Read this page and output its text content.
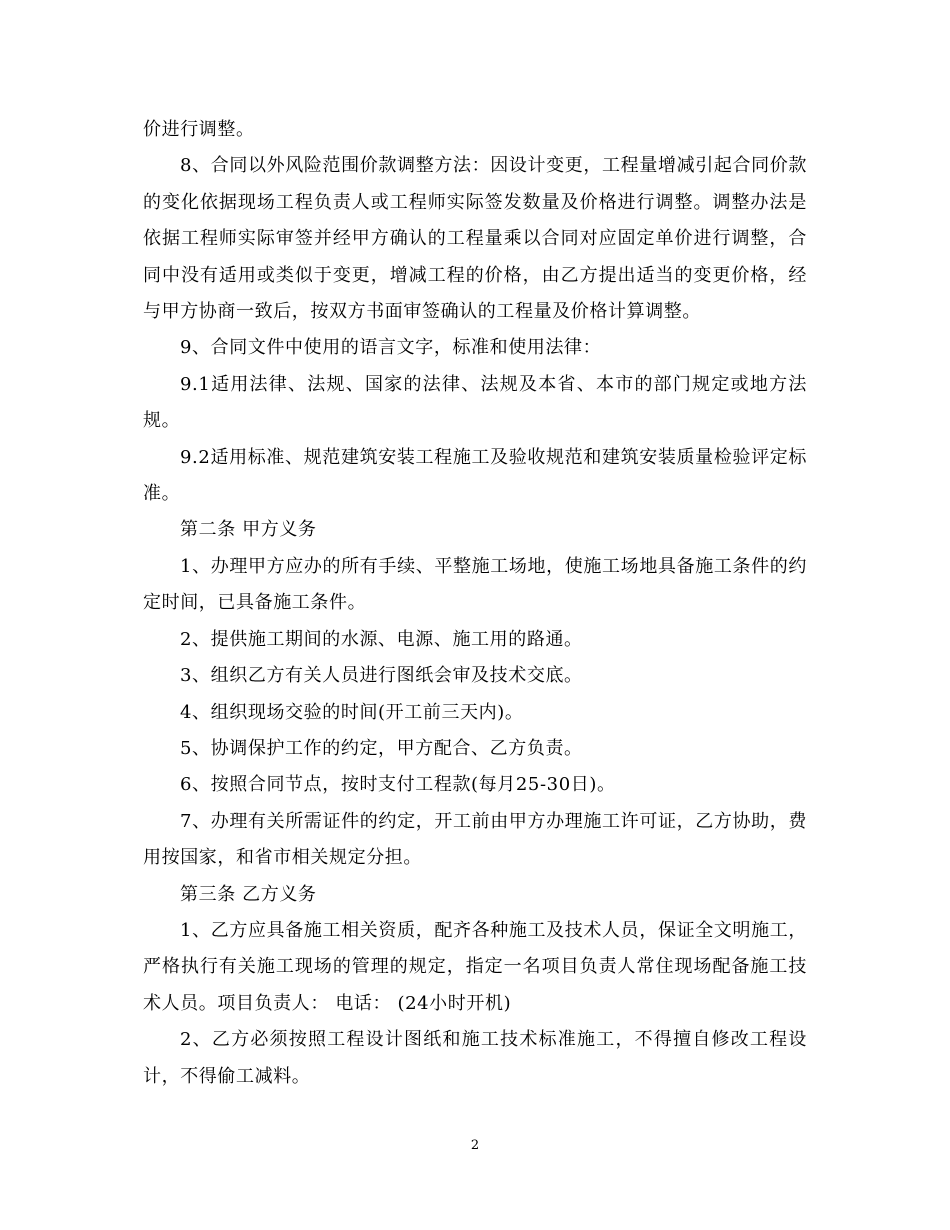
价进行调整。

8、合同以外风险范围价款调整方法：因设计变更，工程量增减引起合同价款的变化依据现场工程负责人或工程师实际签发数量及价格进行调整。调整办法是依据工程师实际审签并经甲方确认的工程量乘以合同对应固定单价进行调整，合同中没有适用或类似于变更，增减工程的价格，由乙方提出适当的变更价格，经与甲方协商一致后，按双方书面审签确认的工程量及价格计算调整。

9、合同文件中使用的语言文字，标准和使用法律：

9.1适用法律、法规、国家的法律、法规及本省、本市的部门规定或地方法规。

9.2适用标准、规范建筑安装工程施工及验收规范和建筑安装质量检验评定标准。

第二条 甲方义务

1、办理甲方应办的所有手续、平整施工场地，使施工场地具备施工条件的约定时间，已具备施工条件。

2、提供施工期间的水源、电源、施工用的路通。

3、组织乙方有关人员进行图纸会审及技术交底。

4、组织现场交验的时间(开工前三天内)。

5、协调保护工作的约定，甲方配合、乙方负责。

6、按照合同节点，按时支付工程款(每月25-30日)。

7、办理有关所需证件的约定，开工前由甲方办理施工许可证，乙方协助，费用按国家，和省市相关规定分担。

第三条 乙方义务

1、乙方应具备施工相关资质，配齐各种施工及技术人员，保证全文明施工，严格执行有关施工现场的管理的规定，指定一名项目负责人常住现场配备施工技术人员。项目负责人： 电话： (24小时开机)

2、乙方必须按照工程设计图纸和施工技术标准施工，不得擅自修改工程设计，不得偷工减料。

2
